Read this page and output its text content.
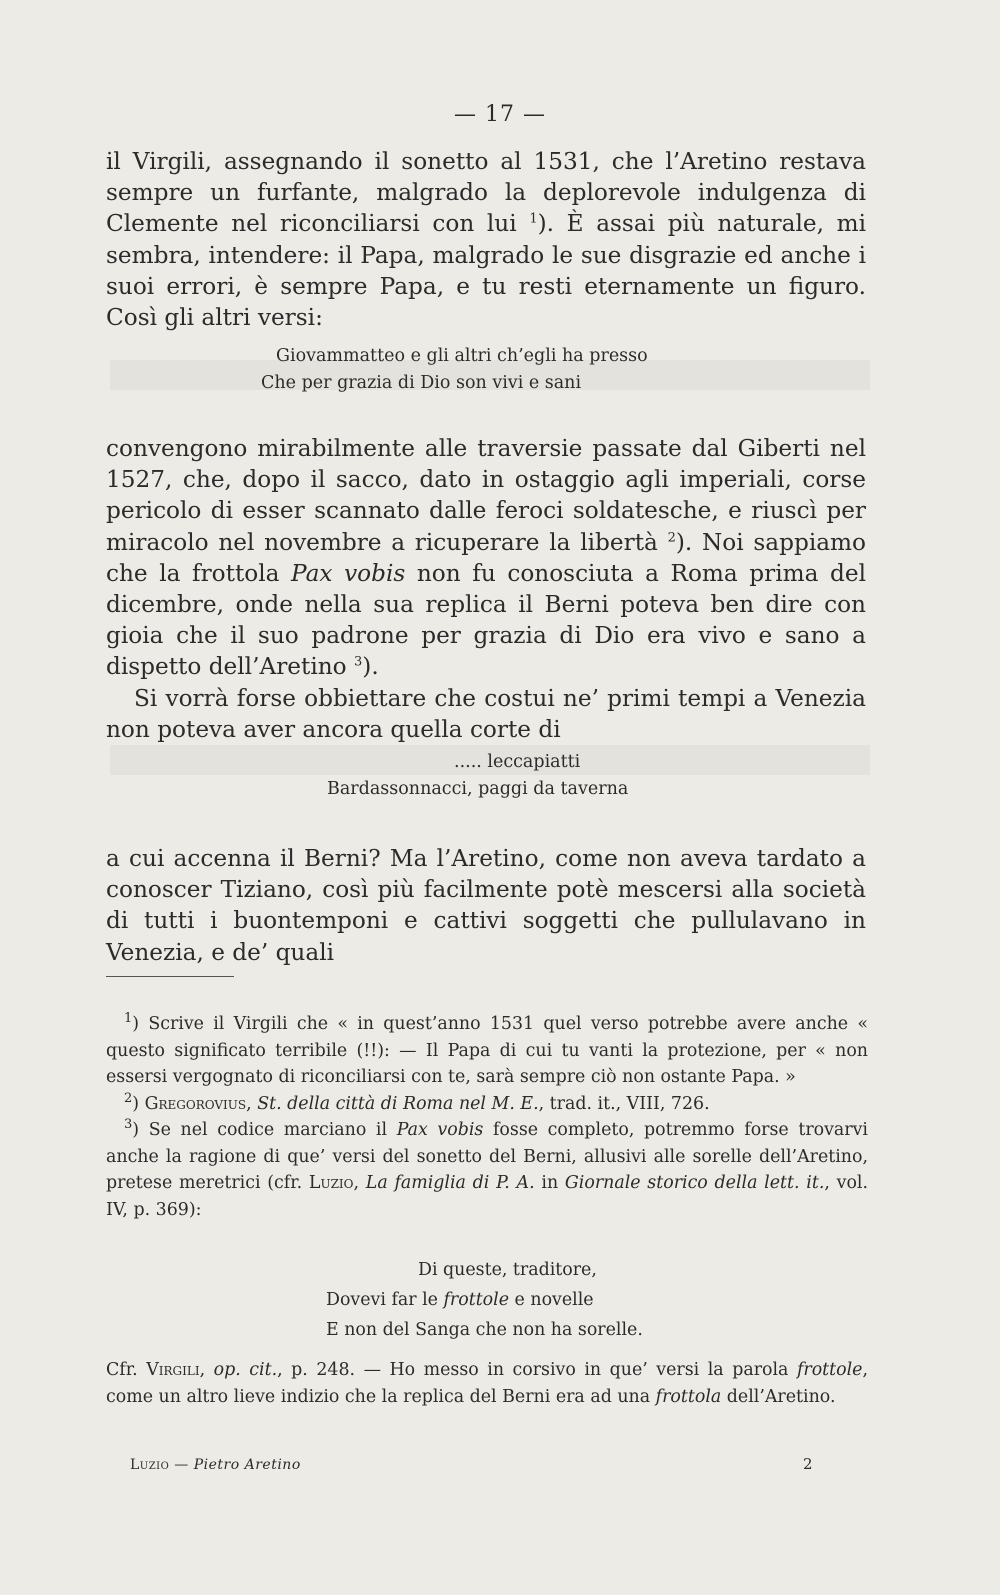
— 17 —

il Virgili, assegnando il sonetto al 1531, che l’Aretino restava sempre un furfante, malgrado la deplorevole indulgenza di Clemente nel riconciliarsi con lui $^1$). È assai più naturale, mi sembra, intendere: il Papa, malgrado le sue disgrazie ed anche i suoi errori, è sempre Papa, e tu resti eternamente un figuro. Così gli altri versi:

Giovammatteo e gli altri ch’egli ha presso
Che per grazia di Dio son vivi e sani

convengono mirabilmente alle traversie passate dal Giberti nel 1527, che, dopo il sacco, dato in ostaggio agli imperiali, corse pericolo di esser scannato dalle feroci soldatesche, e riuscì per miracolo nel novembre a ricuperare la libertà $^2$). Noi sappiamo che la frottola Pax vobis non fu conosciuta a Roma prima del dicembre, onde nella sua replica il Berni poteva ben dire con gioia che il suo padrone per grazia di Dio era vivo e sano a dispetto dell’Aretino $^3$).

Si vorrà forse obbiettare che costui ne’ primi tempi a Venezia non poteva aver ancora quella corte di

..... leccapiatti
Bardassonnacci, paggi da taverna

a cui accenna il Berni? Ma l’Aretino, come non aveva tardato a conoscer Tiziano, così più facilmente potè mescersi alla società di tutti i buontemponi e cattivi soggetti che pullulavano in Venezia, e de’ quali

$^1$) Scrive il Virgili che « in quest’anno 1531 quel verso potrebbe avere anche « questo significato terribile (!!): — Il Papa di cui tu vanti la protezione, per « non essersi vergognato di riconciliarsi con te, sarà sempre ciò non ostante Papa. »

$^2$) Gregorovius, St. della città di Roma nel M. E., trad. it., VIII, 726.

$^3$) Se nel codice marciano il Pax vobis fosse completo, potremmo forse trovarvi anche la ragione di que’ versi del sonetto del Berni, allusivi alle sorelle dell’Aretino, pretese meretrici (cfr. Luzio, La famiglia di P. A. in Giornale storico della lett. it., vol. IV, p. 369):

Di queste, traditore,
Dovevi far le frottole e novelle
E non del Sanga che non ha sorelle.

Cfr. Virgili, op. cit., p. 248. — Ho messo in corsivo in que’ versi la parola frottole, come un altro lieve indizio che la replica del Berni era ad una frottola dell’Aretino.

Luzio — Pietro Aretino	2
